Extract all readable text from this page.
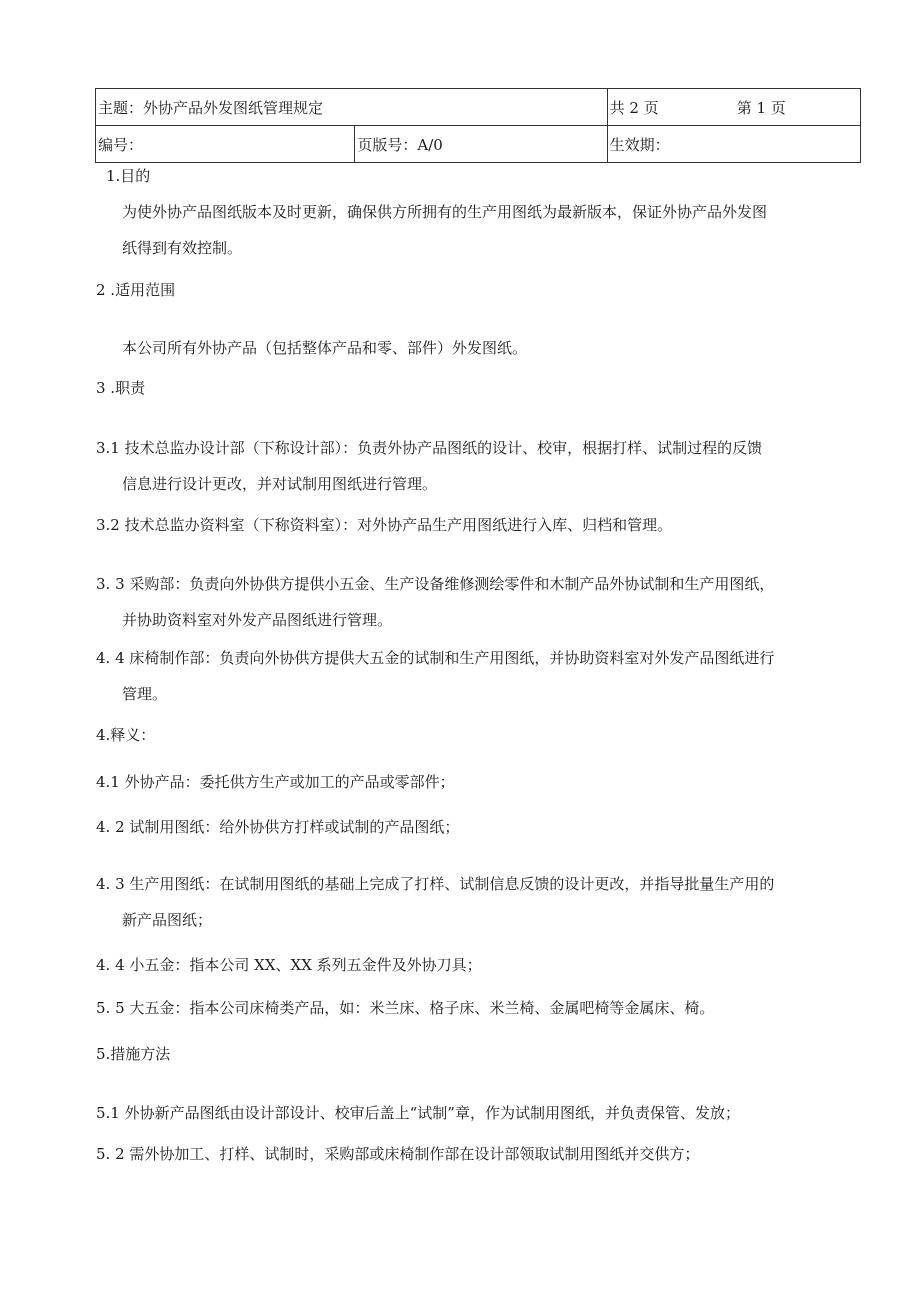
主题：外协产品外发图纸管理规定		共 2 页 第 1 页
编号：	页版号：A/0	生效期：
1.目的
为使外协产品图纸版本及时更新，确保供方所拥有的生产用图纸为最新版本，保证外协产品外发图
纸得到有效控制。
2 .适用范围
本公司所有外协产品（包括整体产品和零、部件）外发图纸。
3 .职责
3.1 技术总监办设计部（下称设计部）：负责外协产品图纸的设计、校审，根据打样、试制过程的反馈
信息进行设计更改，并对试制用图纸进行管理。
3.2 技术总监办资料室（下称资料室）：对外协产品生产用图纸进行入库、归档和管理。
3. 3 采购部：负责向外协供方提供小五金、生产设备维修测绘零件和木制产品外协试制和生产用图纸，
并协助资料室对外发产品图纸进行管理。
4. 4 床椅制作部：负责向外协供方提供大五金的试制和生产用图纸，并协助资料室对外发产品图纸进行
管理。
4.释义：
4.1 外协产品：委托供方生产或加工的产品或零部件；
4. 2 试制用图纸：给外协供方打样或试制的产品图纸；
4. 3 生产用图纸：在试制用图纸的基础上完成了打样、试制信息反馈的设计更改，并指导批量生产用的
新产品图纸；
4. 4 小五金：指本公司 XX、XX 系列五金件及外协刀具；
5. 5 大五金：指本公司床椅类产品，如：米兰床、格子床、米兰椅、金属吧椅等金属床、椅。
5.措施方法
5.1 外协新产品图纸由设计部设计、校审后盖上“试制”章，作为试制用图纸，并负责保管、发放；
5. 2 需外协加工、打样、试制时，采购部或床椅制作部在设计部领取试制用图纸并交供方；
